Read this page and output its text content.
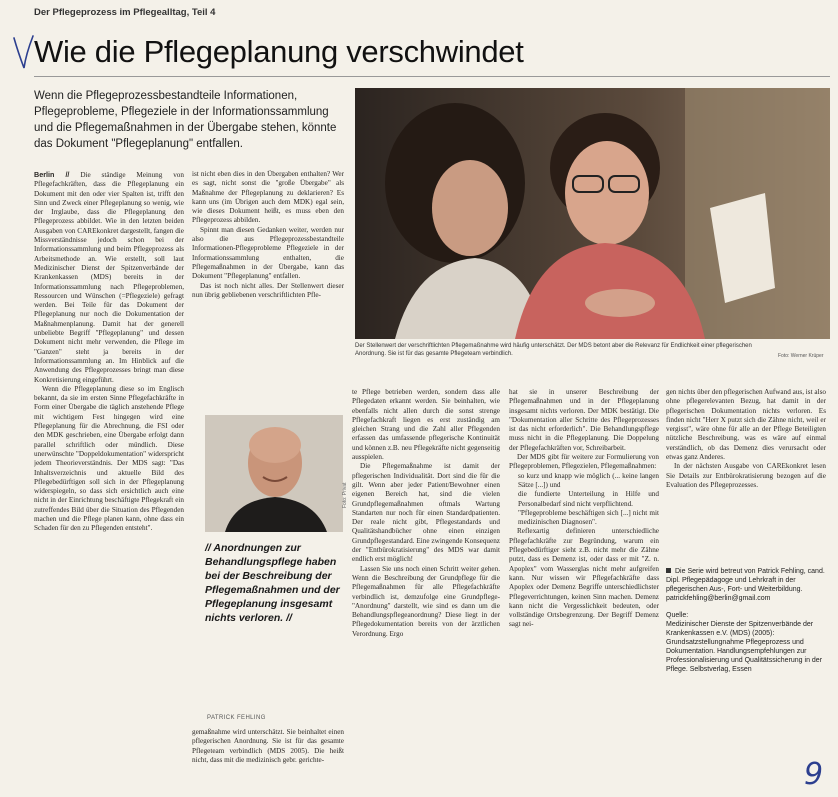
Der Pflegeprozess im Pflegealltag, Teil 4
Wie die Pflegeplanung verschwindet
Wenn die Pflegeprozessbestandteile Informationen, Pflegeprobleme, Pflegeziele in der Informationssammlung und die Pflegemaßnahmen in der Übergabe stehen, könnte das Dokument "Pflegeplanung" entfallen.
Der Stellenwert der verschriftlichten Pflegemaßnahme wird häufig unterschätzt. Der MDS betont aber die Relevanz für Endlichkeit einer pflegerischen Anordnung. Sie ist für das gesamte Pflegeteam verbindlich.	Foto: Werner Krüper

Berlin // Die ständige Meinung von Pflegefachkräften, dass die Pflegeplanung ein Dokument mit den oder vier Spalten ist, trifft den Sinn und Zweck einer Pflegeplanung so wenig, wie der Irrglaube, dass die Pflegeplanung den Pflegeprozess abbildet. Wie in den letzten beiden Ausgaben von CAREkonkret dargestellt, fangen die Missverständnisse jedoch schon bei der Informationssammlung und beim Pflegeprozess als Arbeitsmethode an. Wie erstellt, soll laut Medizinischer Dienst der Spitzenverbände der Krankenkassen (MDS) bereits in der Informationssammlung nach Pflegeproblemen, Ressourcen und Wünschen (=Pflegeziele) gefragt werden. Bei Teile für das Dokument der Pflegeplanung nur noch die Dokumentation der Maßnahmenplanung. Damit hat der generell unbeliebte Begriff "Pflegeplanung" und dessen Dokument nicht mehr verwenden, die Pflege im "Ganzen" steht ja bereits in der Informationssammlung an. Im Hinblick auf die Anwendung des Pflegeprozesses bringt man diese Konkretisierung eingeführt.

Wenn die Pflegeplanung diese so im Englisch bekannt, da sie im ersten Sinne Pflegefachkräfte in Form einer Übergabe die täglich anstehende Pflege mit wichtigem Fest hingegen wird eine Pflegeplanung für die Abrechnung, die FSI oder den MDK geschrieben, eine Übergabe erfolgt dann parallel schriftlich oder mündlich. Diese unerwünschte "Doppeldokumentation" widerspricht jedem Theorieverständnis. Der MDS sagt: "Das Inhaltsverzeichnis und aktuelle Bild des Pflegebedürftigen soll sich in der Pflegeplanung widerspiegeln, so dass sich ersichtlich auch eine nicht in der Einrichtung beschäftigte Pflegekraft ein zutreffendes Bild über die Situation des Pflegenden machen und die Pflege planen kann, ohne dass ein Schaden für den zu Pflegenden entsteht".

ist nicht eben dies in den Übergaben enthalten? Wer es sagt, nicht sonst die "große Übergabe" als Maßnahme der Pflegeplanung zu deklarieren? Es kann uns (im Übrigen auch dem MDK) egal sein, wie dieses Dokument heißt, es muss eben den Pflegeprozess abbilden.

Spinnt man diesen Gedanken weiter, werden nur also die aus Pflegeprozessbestandteile Informationen-Pflegeprobleme Pflegeziele in der Informationssammlung enthalten, die Pflegemaßnahmen in der Übergabe, kann das Dokument "Pflegeplanung" entfallen.

Das ist noch nicht alles. Der Stellenwert dieser nun übrig gebliebenen verschriftlichten Pfle-

gemaßnahme wird unterschätzt. Sie beinhaltet einen pflegerischen Anordnung. Sie ist für das gesamte Pflegeteam verbindlich (MDS 2005). Die heißt nicht, dass mit die medizinisch gebr. gerichte-

Foto: Privat
// Anordnungen zur Behandlungspflege haben bei der Beschreibung der Pflegemaßnahmen und der Pflegeplanung insgesamt nichts verloren. //
PATRICK FEHLING

te Pflege betrieben werden, sondern dass alle Pflegedaten erkannt werden. Sie beinhalten, wie ebenfalls nicht allen durch die sonst strenge Pflegefachkraft liegen es erst zuständig am gleichen Strang und die Zahl aller Pflegenden erfassen das umfassende pflegerische Kontinuität und können z.B. neu Pflegekräfte nicht gegenseitig ausspielen.

Die Pflegemaßnahme ist damit der pflegerischen Individualität. Dort sind die für die gilt. Wenn aber jeder Patient/Bewohner einen eigenen Bereich hat, sind die vielen Grundpflegemaßnahmen oftmals Wartung Standarten nur noch für einen Standardpatienten. Der reale nicht gibt, Pflegestandards und Qualitätshandbücher ohne einen einzigen Grundpflegestandard. Eine zwingende Konsequenz der "Entbürokratisierung" des MDS war damit endlich erst möglich!

Lassen Sie uns noch einen Schritt weiter gehen. Wenn die Beschreibung der Grundpflege für die Pflegemaßnahmen für alle Pflegefachkräfte verbindlich ist, demzufolge eine Grundpflege-"Anordnung" darstellt, wie sind es dann um die Behandlungspflegeanordnung? Diese liegt in der Pflegedokumentation bereits von der ärztlichen Verordnung. Ergo

hat sie in unserer Beschreibung der Pflegemaßnahmen und in der Pflegeplanung insgesamt nichts verloren. Der MDK bestätigt. Die "Dokumentation aller Schritte des Pflegeprozesses ist das nicht erforderlich". Die Behandlungspflege muss nicht in die Pflegeplanung. Die Doppelung der Pflegefachkräften vor, Schreibarbeit.

Der MDS gibt für weitere zur Formulierung von Pflegeproblemen, Pflegezielen, Pflegemaßnahmen:

• so kurz und knapp wie möglich (... keine langen Sätze [...]) und
• die fundierte Unterteilung in Hilfe und Personalbedarf sind nicht verpflichtend.
• "Pflegeprobleme beschäftigen sich [...] nicht mit medizinischen Diagnosen".

Reflexartig definieren unterschiedliche Pflegefachkräfte zur Begründung, warum ein Pflegebedürftiger sieht z.B. nicht mehr die Zähne putzt, dass es Demenz ist, oder dass er mit "Z. n. Apoplex" vom Wasserglas nicht mehr aufgreifen kann. Nur wissen wir Pflegefachkräfte dass Apoplex oder Demenz Begriffe unterschiedlichster Pflegeverrichtungen, keinen Sinn machen. Demenz kann nicht die Vergesslichkeit bedeuten, oder vollständige Ortsbegrenzung. Der Begriff Demenz sagt nei-

gen nichts über den pflegerischen Aufwand aus, ist also ohne pflegerelevanten Bezug, hat damit in der pflegerischen Dokumentation nichts verloren. Es finden nicht "Herr X putzt sich die Zähne nicht, weil er vergisst", wäre ohne für alle an der Pflege Beteiligten nützliche Beschreibung, was es wäre auf einmal verständlich, ob das Demenz dies verursacht oder etwas ganz Anderes.

In der nächsten Ausgabe von CAREkonkret lesen Sie Details zur Entbürokratisierung bezogen auf die Evaluation des Pflegeprozesses.

Die Serie wird betreut von Patrick Fehling, cand. Dipl. Pflegepädagoge und Lehrkraft in der pflegerischen Aus-, Fort- und Weiterbildung. patrickfehling@berlin@gmail.com

Quelle:

Medizinischer Dienste der Spitzenverbände der Krankenkassen e.V. (MDS) (2005): Grundsatzstellungnahme Pflegeprozess und Dokumentation. Handlungsempfehlungen zur Professionalisierung und Qualitätssicherung in der Pflege. Selbstverlag, Essen

9
